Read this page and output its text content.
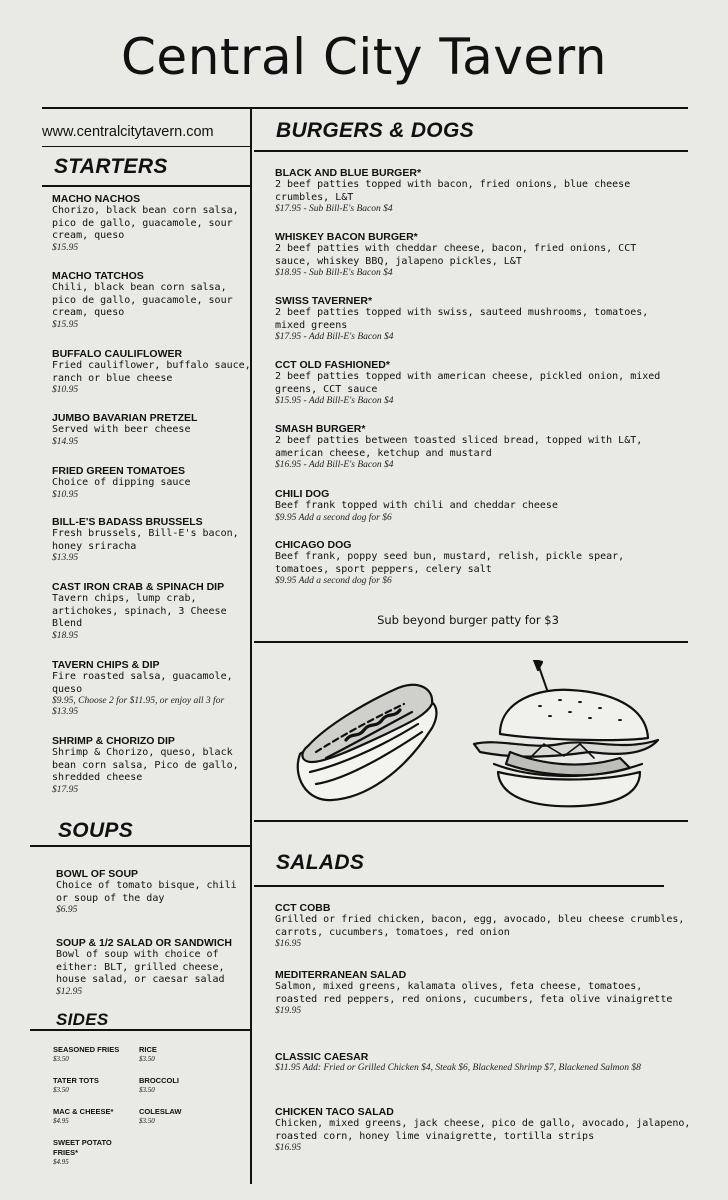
Central City Tavern
www.centralcitytavern.com
STARTERS
MACHO NACHOS
Chorizo, black bean corn salsa, pico de gallo, guacamole, sour cream, queso
$15.95
MACHO TATCHOS
Chili, black bean corn salsa, pico de gallo, guacamole, sour cream, queso
$15.95
BUFFALO CAULIFLOWER
Fried cauliflower, buffalo sauce, ranch or blue cheese
$10.95
JUMBO BAVARIAN PRETZEL
Served with beer cheese
$14.95
FRIED GREEN TOMATOES
Choice of dipping sauce
$10.95
BILL-E'S BADASS BRUSSELS
Fresh brussels, Bill-E's bacon, honey sriracha
$13.95
CAST IRON CRAB & SPINACH DIP
Tavern chips, lump crab, artichokes, spinach, 3 Cheese Blend
$18.95
TAVERN CHIPS & DIP
Fire roasted salsa, guacamole, queso
$9.95, Choose 2 for $11.95, or enjoy all 3 for $13.95
SHRIMP & CHORIZO DIP
Shrimp & Chorizo, queso, black bean corn salsa, Pico de gallo, shredded cheese
$17.95
SOUPS
BOWL OF SOUP
Choice of tomato bisque, chili or soup of the day
$6.95
SOUP & 1/2 SALAD OR SANDWICH
Bowl of soup with choice of either: BLT, grilled cheese, house salad, or caesar salad
$12.95
SIDES
SEASONED FRIES
$3.50
RICE
$3.50
TATER TOTS
$3.50
BROCCOLI
$3.50
MAC & CHEESE*
$4.95
COLESLAW
$3.50
SWEET POTATO FRIES*
$4.95
BURGERS & DOGS
BLACK AND BLUE BURGER*
2 beef patties topped with bacon, fried onions, blue cheese crumbles, L&T
$17.95 - Sub Bill-E's Bacon $4
WHISKEY BACON BURGER*
2 beef patties with cheddar cheese, bacon, fried onions, CCT sauce, whiskey BBQ, jalapeno pickles, L&T
$18.95 - Sub Bill-E's Bacon $4
SWISS TAVERNER*
2 beef patties topped with swiss, sauteed mushrooms, tomatoes, mixed greens
$17.95 - Add Bill-E's Bacon $4
CCT OLD FASHIONED*
2 beef patties topped with american cheese, pickled onion, mixed greens, CCT sauce
$15.95 - Add Bill-E's Bacon $4
SMASH BURGER*
2 beef patties between toasted sliced bread, topped with L&T, american cheese, ketchup and mustard
$16.95 - Add Bill-E's Bacon $4
CHILI DOG
Beef frank topped with chili and cheddar cheese
$9.95 Add a second dog for $6
CHICAGO DOG
Beef frank, poppy seed bun, mustard, relish, pickle spear, tomatoes, sport peppers, celery salt
$9.95 Add a second dog for $6
Sub beyond burger patty for $3
SALADS
CCT COBB
Grilled or fried chicken, bacon, egg, avocado, bleu cheese crumbles, carrots, cucumbers, tomatoes, red onion
$16.95
MEDITERRANEAN SALAD
Salmon, mixed greens, kalamata olives, feta cheese, tomatoes, roasted red peppers, red onions, cucumbers, feta olive vinaigrette
$19.95
CLASSIC CAESAR
$11.95 Add: Fried or Grilled Chicken $4, Steak $6, Blackened Shrimp $7, Blackened Salmon $8
CHICKEN TACO SALAD
Chicken, mixed greens, jack cheese, pico de gallo, avocado, jalapeno, roasted corn, honey lime vinaigrette, tortilla strips
$16.95
